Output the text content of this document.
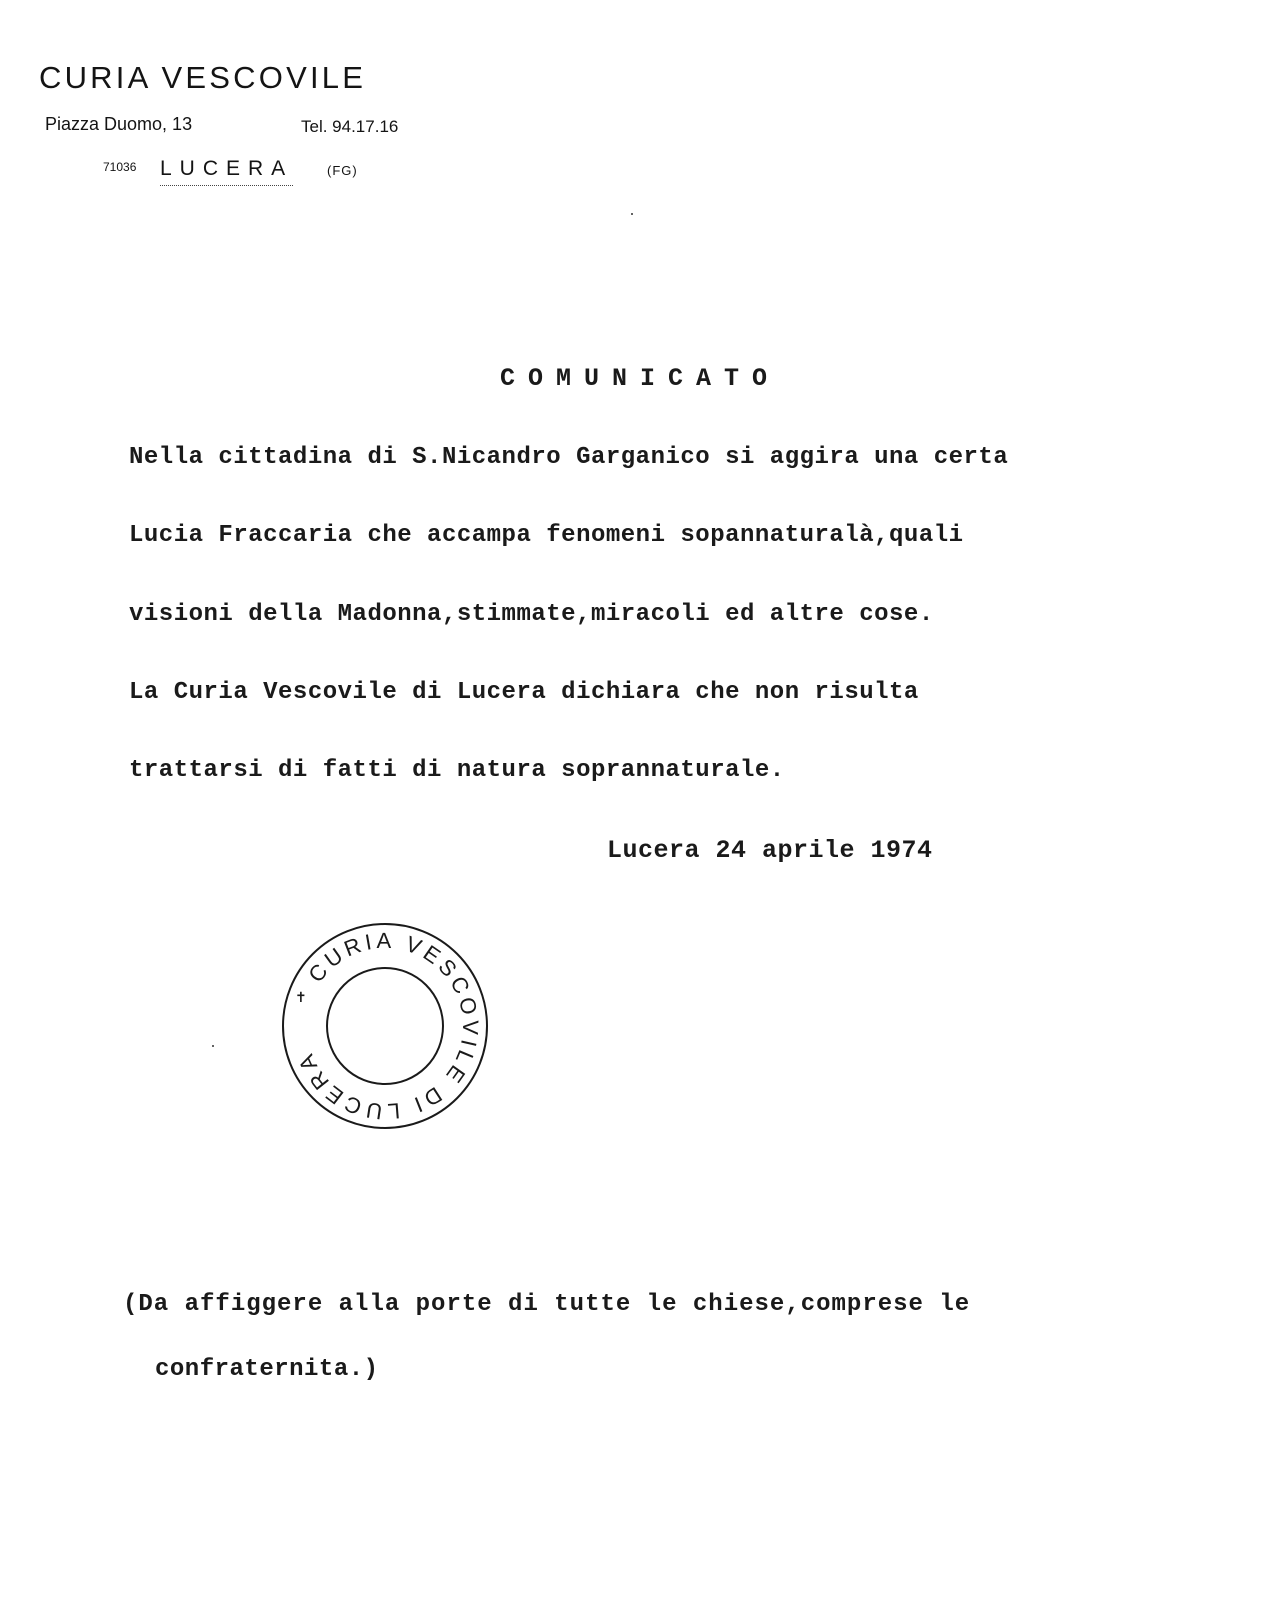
CURIA VESCOVILE
Piazza Duomo, 13	Tel. 94.17.16
71036 LUCERA	(FG)
COMUNICATO
Nella cittadina di S.Nicandro Garganico si aggira una certa
Lucia Fraccaria che accampa fenomeni sopannaturalà,quali
visioni della Madonna,stimmate,miracoli ed altre cose.
La Curia Vescovile di Lucera dichiara che non risulta
trattarsi di fatti di natura soprannaturale.
Lucera 24 aprile 1974
CURIA VESCOVILE DI LUCERA
✝
(Da affiggere alla porte di tutte le chiese,comprese le
confraternita.)
